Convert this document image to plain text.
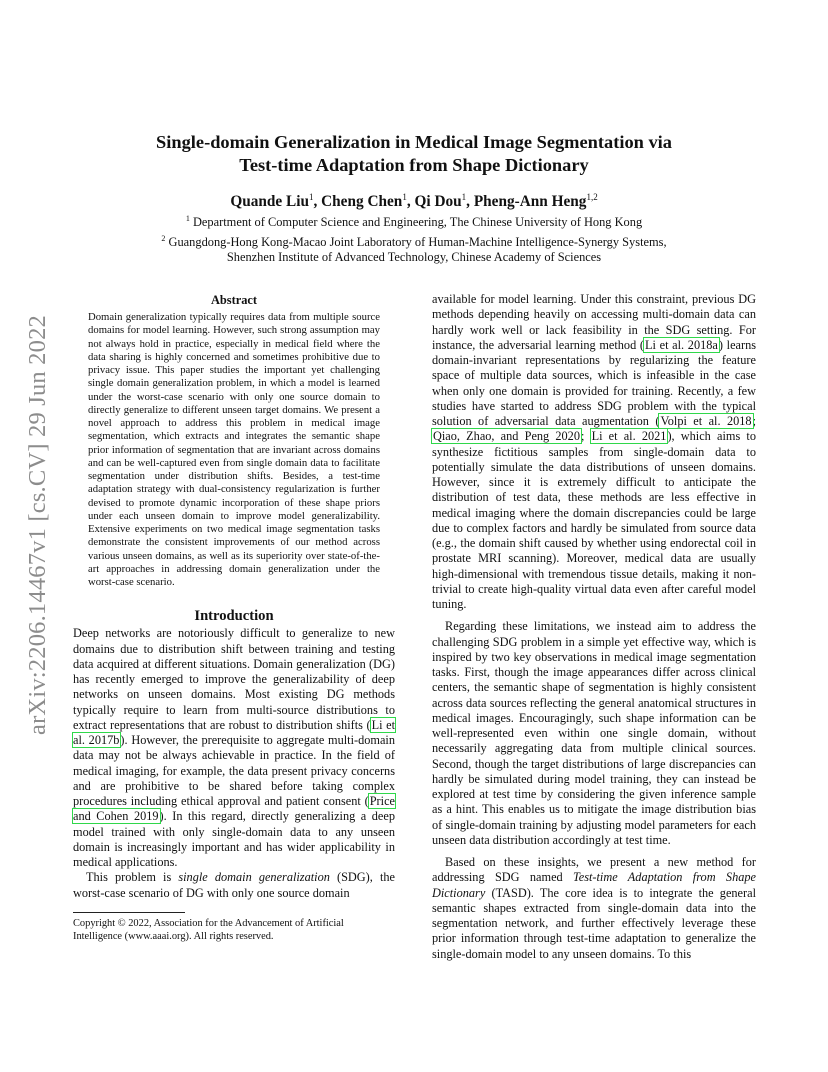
arXiv:2206.14467v1 [cs.CV] 29 Jun 2022
Single-domain Generalization in Medical Image Segmentation via
Test-time Adaptation from Shape Dictionary
Quande Liu$^1$, Cheng Chen$^1$, Qi Dou$^1$, Pheng-Ann Heng$^{1,2}$
$^1$ Department of Computer Science and Engineering, The Chinese University of Hong Kong
$^2$ Guangdong-Hong Kong-Macao Joint Laboratory of Human-Machine Intelligence-Synergy Systems,
Shenzhen Institute of Advanced Technology, Chinese Academy of Sciences
Abstract

Domain generalization typically requires data from multiple source domains for model learning. However, such strong assumption may not always hold in practice, especially in medical field where the data sharing is highly concerned and sometimes prohibitive due to privacy issue. This paper studies the important yet challenging single domain generalization problem, in which a model is learned under the worst-case scenario with only one source domain to directly generalize to different unseen target domains. We present a novel approach to address this problem in medical image segmentation, which extracts and integrates the semantic shape prior information of segmentation that are invariant across domains and can be well-captured even from single domain data to facilitate segmentation under distribution shifts. Besides, a test-time adaptation strategy with dual-consistency regularization is further devised to promote dynamic incorporation of these shape priors under each unseen domain to improve model generalizability. Extensive experiments on two medical image segmentation tasks demonstrate the consistent improvements of our method across various unseen domains, as well as its superiority over state-of-the-art approaches in addressing domain generalization under the worst-case scenario.

Introduction

Deep networks are notoriously difficult to generalize to new domains due to distribution shift between training and testing data acquired at different situations. Domain generalization (DG) has recently emerged to improve the generalizability of deep networks on unseen domains. Most existing DG methods typically require to learn from multi-source distributions to extract representations that are robust to distribution shifts (Li et al. 2017b). However, the prerequisite to aggregate multi-domain data may not be always achievable in practice. In the field of medical imaging, for example, the data present privacy concerns and are prohibitive to be shared before taking complex procedures including ethical approval and patient consent (Price and Cohen 2019). In this regard, directly generalizing a deep model trained with only single-domain data to any unseen domain is increasingly important and has wider applicability in medical applications.

This problem is single domain generalization (SDG), the worst-case scenario of DG with only one source domain

Copyright © 2022, Association for the Advancement of Artificial Intelligence (www.aaai.org). All rights reserved.

available for model learning. Under this constraint, previous DG methods depending heavily on accessing multi-domain data can hardly work well or lack feasibility in the SDG setting. For instance, the adversarial learning method (Li et al. 2018a) learns domain-invariant representations by regularizing the feature space of multiple data sources, which is infeasible in the case when only one domain is provided for training. Recently, a few studies have started to address SDG problem with the typical solution of adversarial data augmentation (Volpi et al. 2018; Qiao, Zhao, and Peng 2020; Li et al. 2021), which aims to synthesize fictitious samples from single-domain data to potentially simulate the data distributions of unseen domains. However, since it is extremely difficult to anticipate the distribution of test data, these methods are less effective in medical imaging where the domain discrepancies could be large due to complex factors and hardly be simulated from source data (e.g., the domain shift caused by whether using endorectal coil in prostate MRI scanning). Moreover, medical data are usually high-dimensional with tremendous tissue details, making it non-trivial to create high-quality virtual data even after careful model tuning.

Regarding these limitations, we instead aim to address the challenging SDG problem in a simple yet effective way, which is inspired by two key observations in medical image segmentation tasks. First, though the image appearances differ across clinical centers, the semantic shape of segmentation is highly consistent across data sources reflecting the general anatomical structures in medical images. Encouragingly, such shape information can be well-represented even within one single domain, without necessarily aggregating data from multiple clinical sources. Second, though the target distributions of large discrepancies can hardly be simulated during model training, they can instead be explored at test time by considering the given inference sample as a hint. This enables us to mitigate the image distribution bias of single-domain training by adjusting model parameters for each unseen data distribution accordingly at test time.

Based on these insights, we present a new method for addressing SDG named Test-time Adaptation from Shape Dictionary (TASD). The core idea is to integrate the general semantic shapes extracted from single-domain data into the segmentation network, and further effectively leverage these prior information through test-time adaptation to generalize the single-domain model to any unseen domains. To this
